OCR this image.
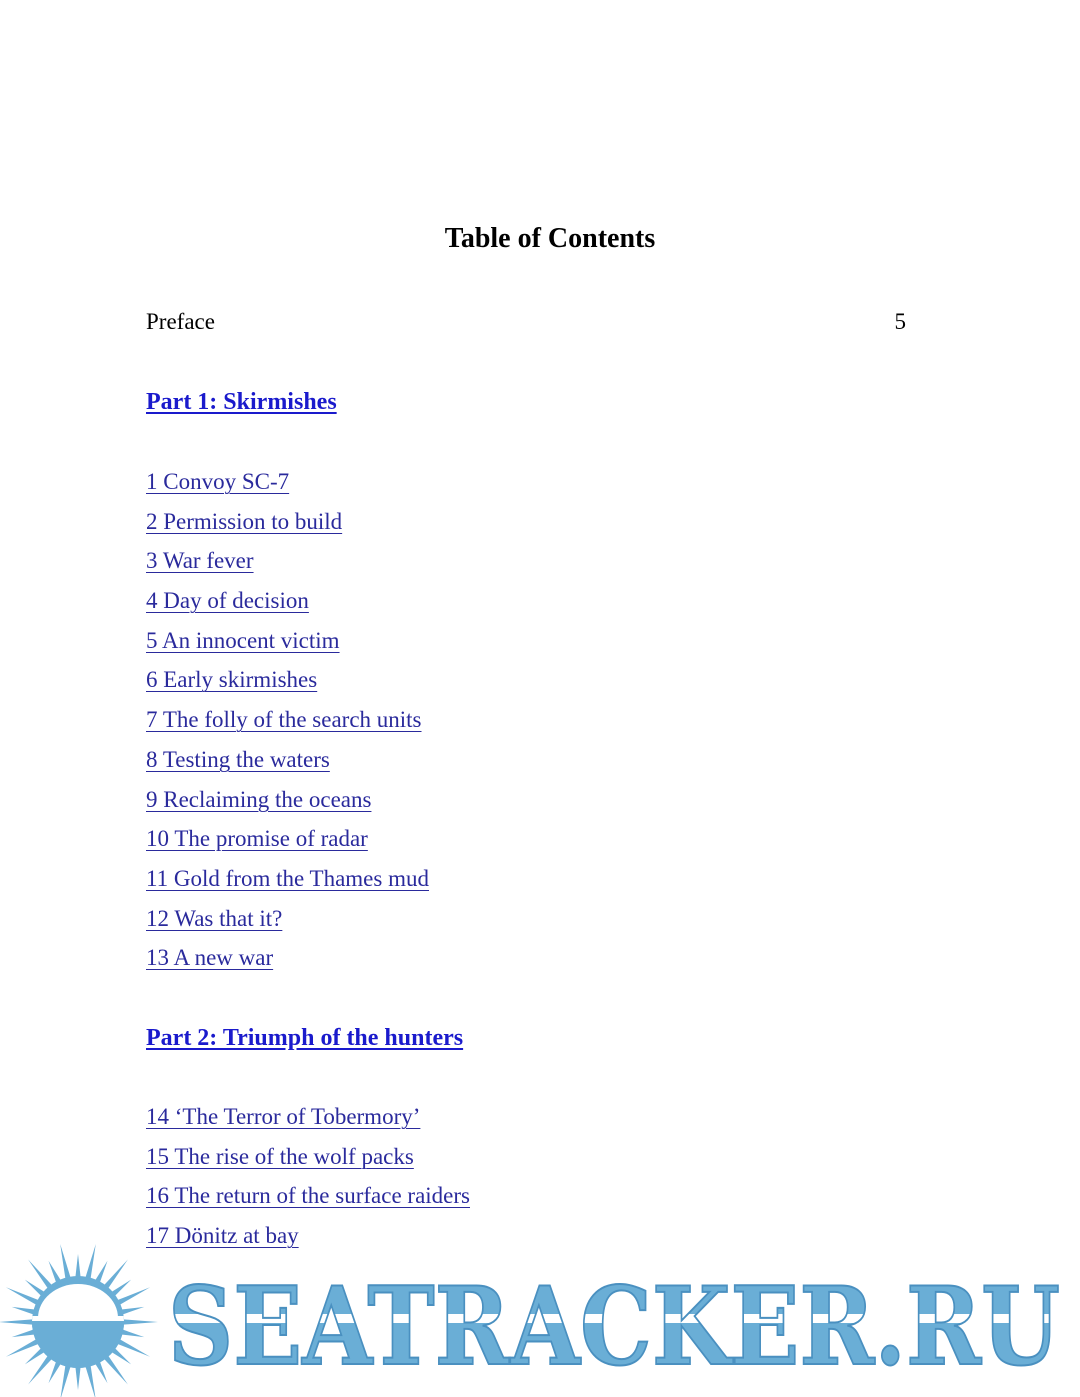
Table of Contents
Preface	5
Part 1: Skirmishes
1 Convoy SC-7
2 Permission to build
3 War fever
4 Day of decision
5 An innocent victim
6 Early skirmishes
7 The folly of the search units
8 Testing the waters
9 Reclaiming the oceans
10 The promise of radar
11 Gold from the Thames mud
12 Was that it?
13 A new war
Part 2: Triumph of the hunters
14 ‘The Terror of Tobermory’
15 The rise of the wolf packs
16 The return of the surface raiders
17 Dönitz at bay
SEATRACKER.RU
